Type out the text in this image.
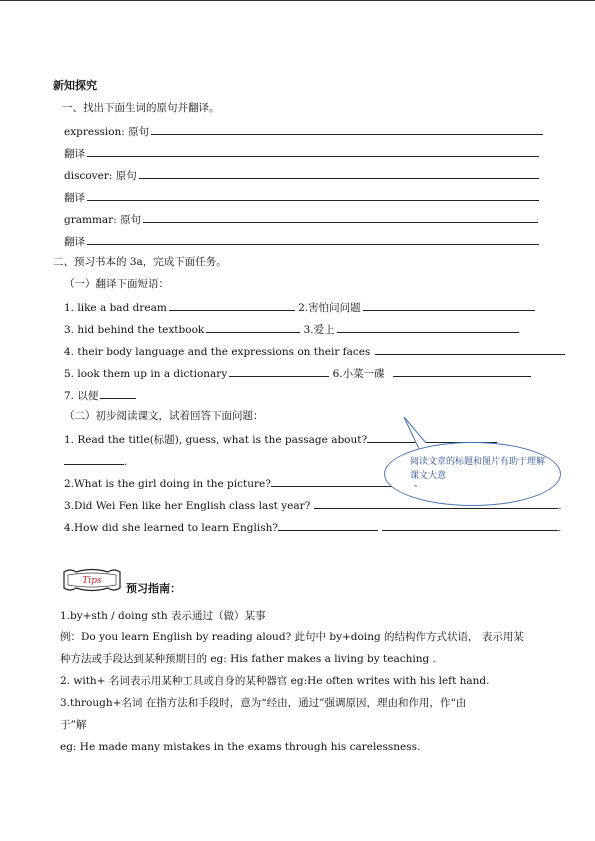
新知探究
一、找出下面生词的原句并翻译。
expression: 原句
翻译
discover: 原句
翻译
grammar: 原句
翻译
二、预习书本的 3a，完成下面任务。
（一）翻译下面短语：
1. like a bad dream	2.害怕问问题
3. hid behind the textbook	3.爱上
4. their body language and the expressions on their faces
5. look them up in a dictionary	6.小菜一碟
7. 以便
（二）初步阅读课文，试着回答下面问题：
1. Read the title(标题), guess, what is the passage about?
.
2.What is the girl doing in the picture?
3.Did Wei Fen like her English class last year?	.
4.How did she learned to learn English?	.
阅读文章的标题和图片有助于理解课文大意
ʷ
Tips
预习指南：
1.by+sth / doing sth 表示通过（做）某事
例：Do you learn English by reading aloud? 此句中 by+doing 的结构作方式状语， 表示用某
种方法或手段达到某种预期目的 eg: His father makes a living by teaching .
2. with+ 名词表示用某种工具或自身的某种器官 eg:He often writes with his left hand.
3.through+名词 在指方法和手段时，意为“经由，通过”强调原因，理由和作用，作“由
于”解
eg: He made many mistakes in the exams through his carelessness.
